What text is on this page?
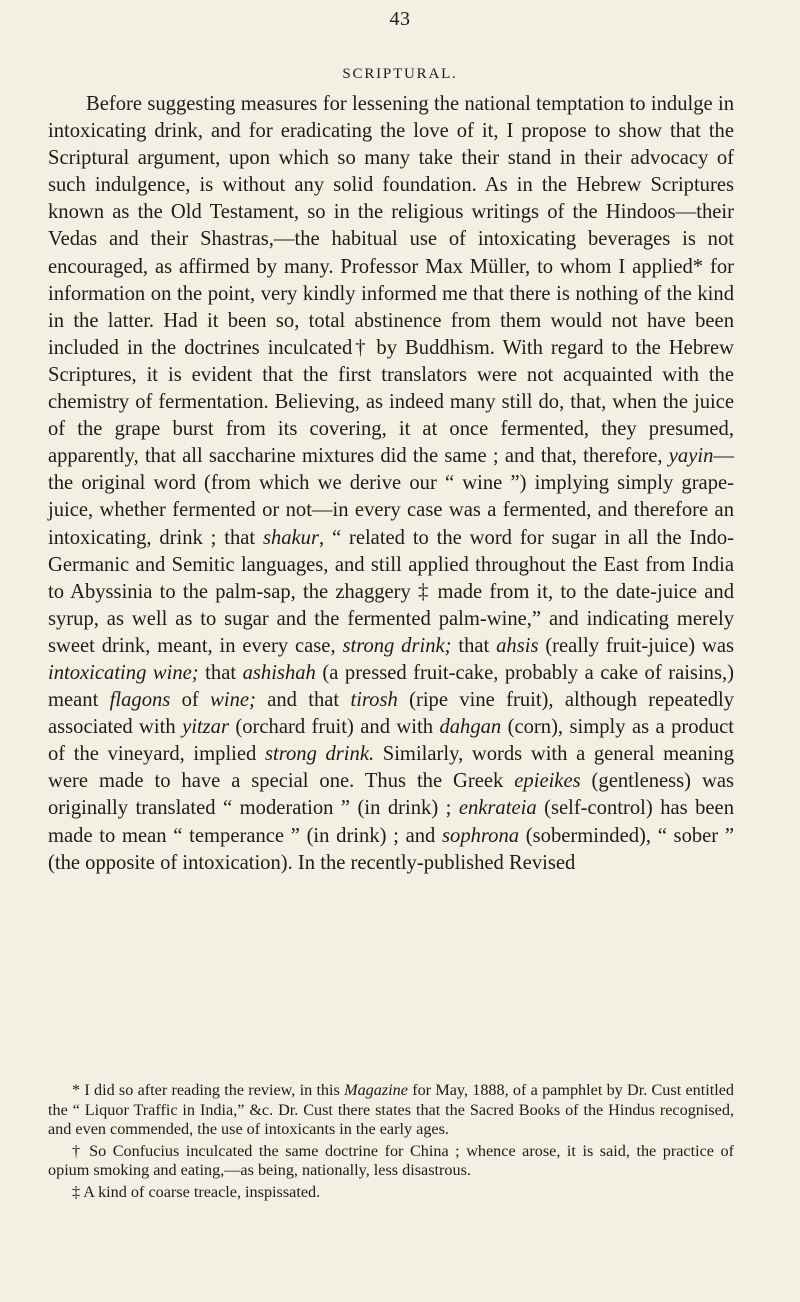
43
SCRIPTURAL.

Before suggesting measures for lessening the national temptation to indulge in intoxicating drink, and for eradicating the love of it, I propose to show that the Scriptural argument, upon which so many take their stand in their advocacy of such indulgence, is without any solid foundation. As in the Hebrew Scriptures known as the Old Testament, so in the religious writings of the Hindoos—their Vedas and their Shastras,—the habitual use of intoxicating beverages is not encouraged, as affirmed by many. Professor Max Müller, to whom I applied* for information on the point, very kindly informed me that there is nothing of the kind in the latter. Had it been so, total abstinence from them would not have been included in the doctrines inculcated† by Buddhism. With regard to the Hebrew Scriptures, it is evident that the first translators were not acquainted with the chemistry of fermentation. Believing, as indeed many still do, that, when the juice of the grape burst from its covering, it at once fermented, they presumed, apparently, that all saccharine mixtures did the same ; and that, therefore, yayin—the original word (from which we derive our “ wine ”) implying simply grape-juice, whether fermented or not—in every case was a fermented, and therefore an intoxicating, drink ; that shakur, “ related to the word for sugar in all the Indo-Germanic and Semitic languages, and still applied throughout the East from India to Abyssinia to the palm-sap, the zhaggery ‡ made from it, to the date-juice and syrup, as well as to sugar and the fermented palm-wine,” and indicating merely sweet drink, meant, in every case, strong drink; that ahsis (really fruit-juice) was intoxicating wine; that ashishah (a pressed fruit-cake, probably a cake of raisins,) meant flagons of wine; and that tirosh (ripe vine fruit), although repeatedly associated with yitzar (orchard fruit) and with dahgan (corn), simply as a product of the vineyard, implied strong drink. Similarly, words with a general meaning were made to have a special one. Thus the Greek epieikes (gentleness) was originally translated “ moderation ” (in drink) ; enkrateia (self-control) has been made to mean “ temperance ” (in drink) ; and sophrona (soberminded), “ sober ” (the opposite of intoxication). In the recently-published Revised

* I did so after reading the review, in this Magazine for May, 1888, of a pamphlet by Dr. Cust entitled the “ Liquor Traffic in India,” &c. Dr. Cust there states that the Sacred Books of the Hindus recognised, and even commended, the use of intoxicants in the early ages.

† So Confucius inculcated the same doctrine for China ; whence arose, it is said, the practice of opium smoking and eating,—as being, nationally, less disastrous.

‡ A kind of coarse treacle, inspissated.
